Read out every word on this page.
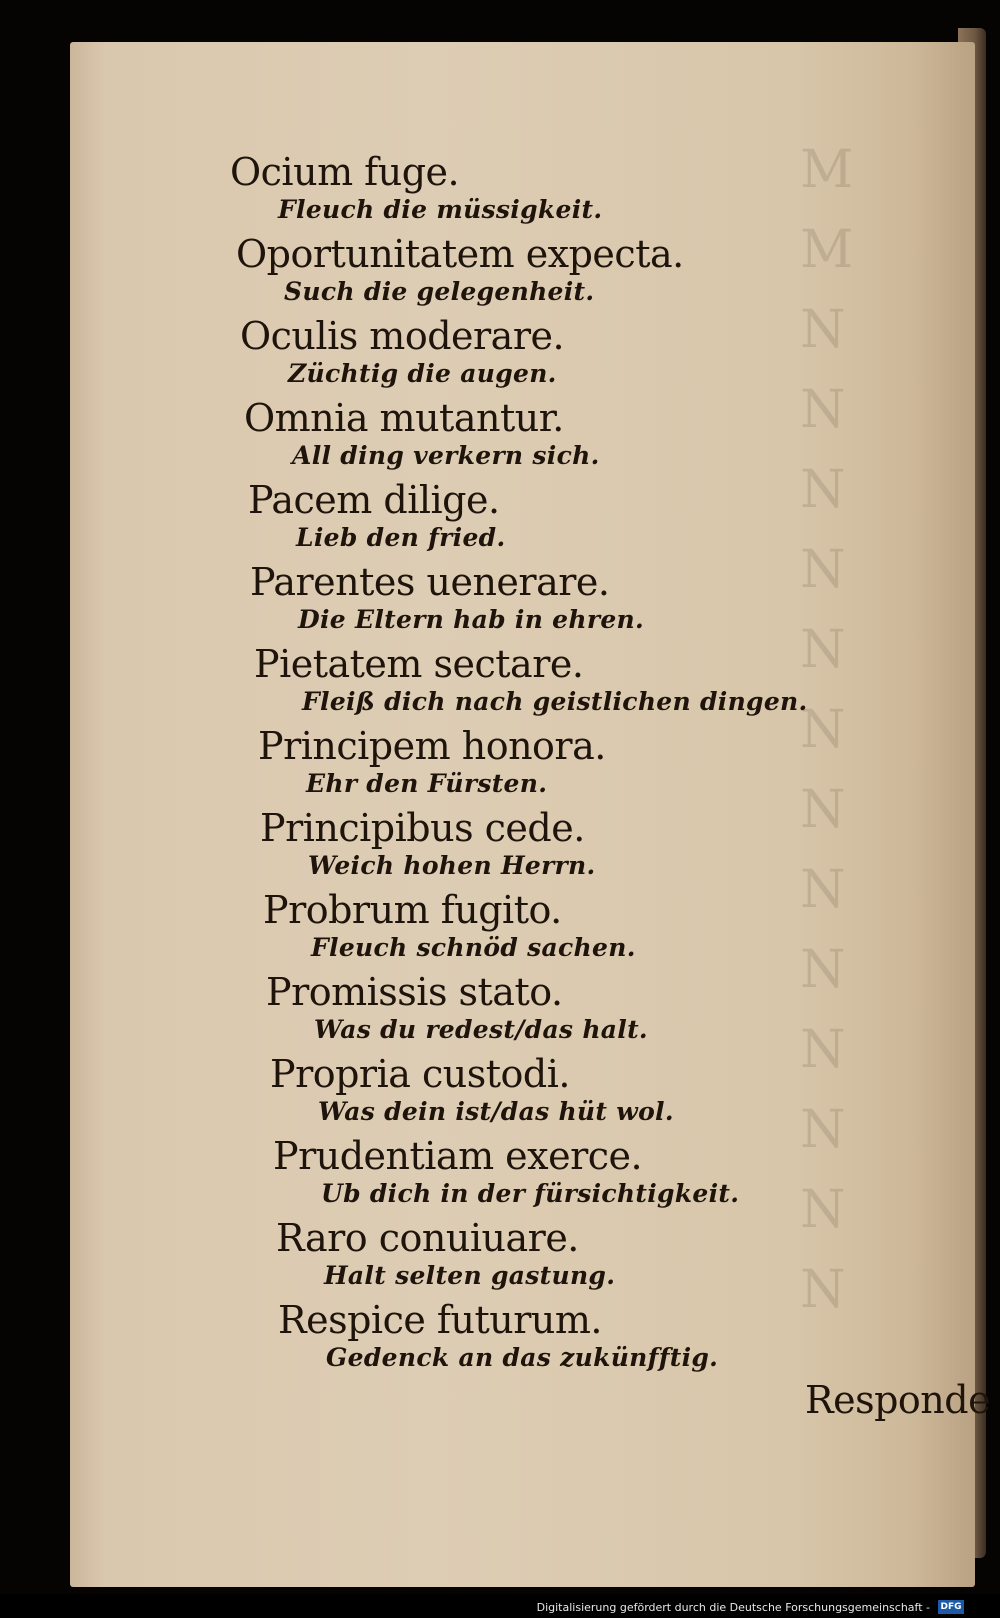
Ocium fuge.
Fleuch die müssigkeit.
Oportunitatem expecta.
Such die gelegenheit.
Oculis moderare.
Züchtig die augen.
Omnia mutantur.
All ding verkern sich.
Pacem dilige.
Lieb den fried.
Parentes uenerare.
Die Eltern hab in ehren.
Pietatem sectare.
Fleiß dich nach geistlichen dingen.
Principem honora.
Ehr den Fürsten.
Principibus cede.
Weich hohen Herrn.
Probrum fugito.
Fleuch schnöd sachen.
Promissis stato.
Was du redest/das halt.
Propria custodi.
Was dein ist/das hüt wol.
Prudentiam exerce.
Ub dich in der fürsichtigkeit.
Raro conuiuare.
Halt selten gastung.
Respice futurum.
Gedenck an das zukünfftig.
Responde
Digitalisierung gefördert durch die Deutsche Forschungsgemeinschaft - DFG
